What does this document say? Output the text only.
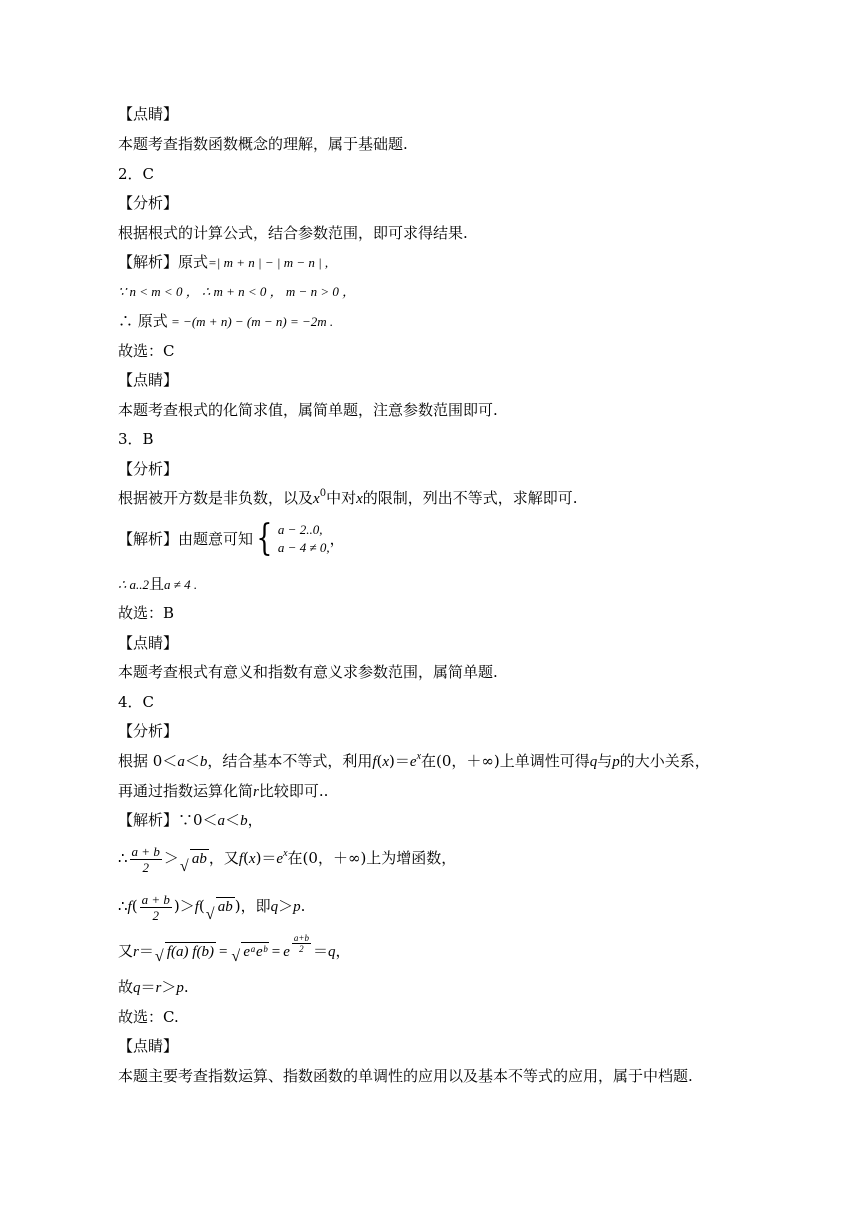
【点睛】
本题考查指数函数概念的理解，属于基础题.
2．C
【分析】
根据根式的计算公式，结合参数范围，即可求得结果.
【解析】原式=| m + n | − | m − n | ,
∵ n < m < 0 ， ∴ m + n < 0 ， m − n > 0 ，
∴ 原式 = −(m + n) − (m − n) = −2m .
故选：C
【点睛】
本题考查根式的化简求值，属简单题，注意参数范围即可.
3．B
【分析】
根据被开方数是非负数，以及$x^0$中对x的限制，列出不等式，求解即可.
【解析】由题意可知{ a − 2..0,
a − 4 ≠ 0, ，
∴ a..2且a ≠ 4 .
故选：B
【点睛】
本题考查根式有意义和指数有意义求参数范围，属简单题.
4．C
【分析】
根据 0＜a＜b，结合基本不等式，利用$f(x)=e^x$在(0，＋∞)上单调性可得q与p的大小关系，
再通过指数运算化简r比较即可..
【解析】∵0＜a＜b，
∴ $\frac{a + b}{2}$ ＞ √ ab ，又$f(x)=e^x$在(0，＋∞)上为增函数，
∴f( $\frac{a + b}{2} )>f$( √ ab )，即q＞p.
又r＝ √ f(a) f(b) = √ eᵃeᵇ = e $\frac{a+b}{2} =q$，
故q＝r＞p.
故选：C.
【点睛】
本题主要考查指数运算、指数函数的单调性的应用以及基本不等式的应用，属于中档题.
